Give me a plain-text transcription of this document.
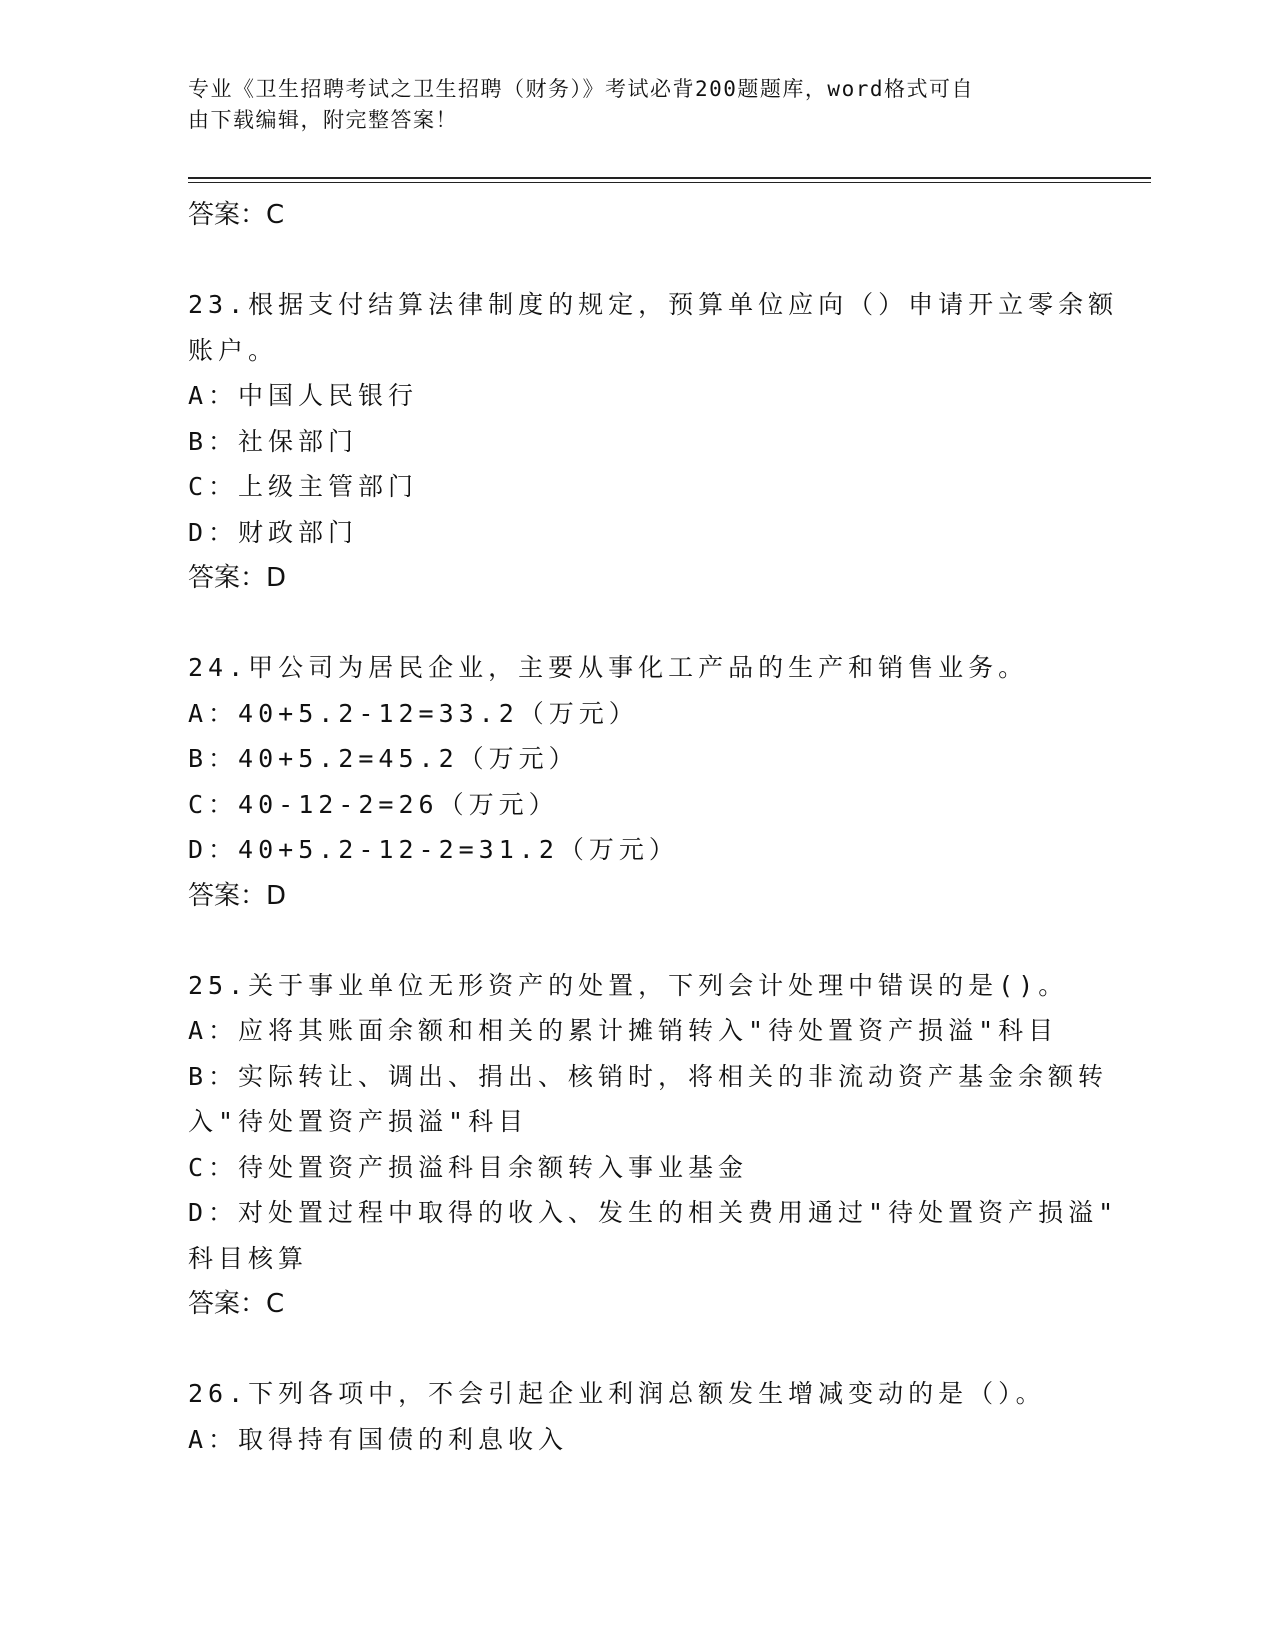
专业《卫生招聘考试之卫生招聘（财务）》考试必背200题题库，word格式可自
由下载编辑，附完整答案！
答案：C
23.根据支付结算法律制度的规定，预算单位应向（）申请开立零余额
账户。
A：中国人民银行
B：社保部门
C：上级主管部门
D：财政部门
答案：D
24.甲公司为居民企业，主要从事化工产品的生产和销售业务。
A：40+5.2-12=33.2（万元）
B：40+5.2=45.2（万元）
C：40-12-2=26（万元）
D：40+5.2-12-2=31.2（万元）
答案：D
25.关于事业单位无形资产的处置，下列会计处理中错误的是()。
A：应将其账面余额和相关的累计摊销转入"待处置资产损溢"科目
B：实际转让、调出、捐出、核销时，将相关的非流动资产基金余额转
入"待处置资产损溢"科目
C：待处置资产损溢科目余额转入事业基金
D：对处置过程中取得的收入、发生的相关费用通过"待处置资产损溢"
科目核算
答案：C
26.下列各项中，不会引起企业利润总额发生增减变动的是（）。
A：取得持有国债的利息收入
